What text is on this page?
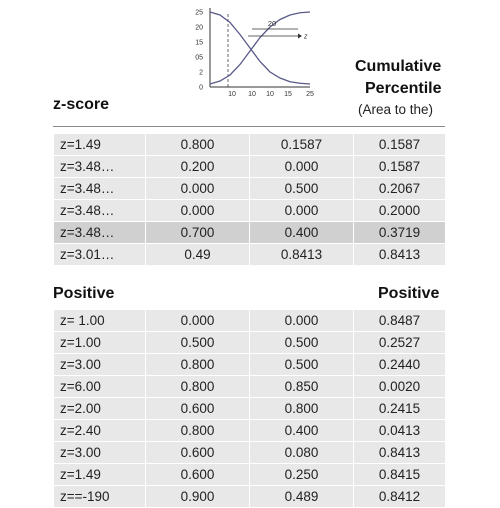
25
20
15
05
2
0
10 10 10 15 25
20
z
z-score
Cumulative
Percentile
(Area to the)
z=1.49	0.800	0.1587	0.1587
z=3.48…	0.200	0.000	0.1587
z=3.48…	0.000	0.500	0.2067
z=3.48…	0.000	0.000	0.2000
z=3.48…	0.700	0.400	0.3719
z=3.01…	0.49	0.8413	0.8413
Positive	Positive
z= 1.00	0.000	0.000	0.8487
z=1.00	0.500	0.500	0.2527
z=3.00	0.800	0.500	0.2440
z=6.00	0.800	0.850	0.0020
z=2.00	0.600	0.800	0.2415
z=2.40	0.800	0.400	0.0413
z=3.00	0.600	0.080	0.8413
z=1.49	0.600	0.250	0.8415
z==-190	0.900	0.489	0.8412
